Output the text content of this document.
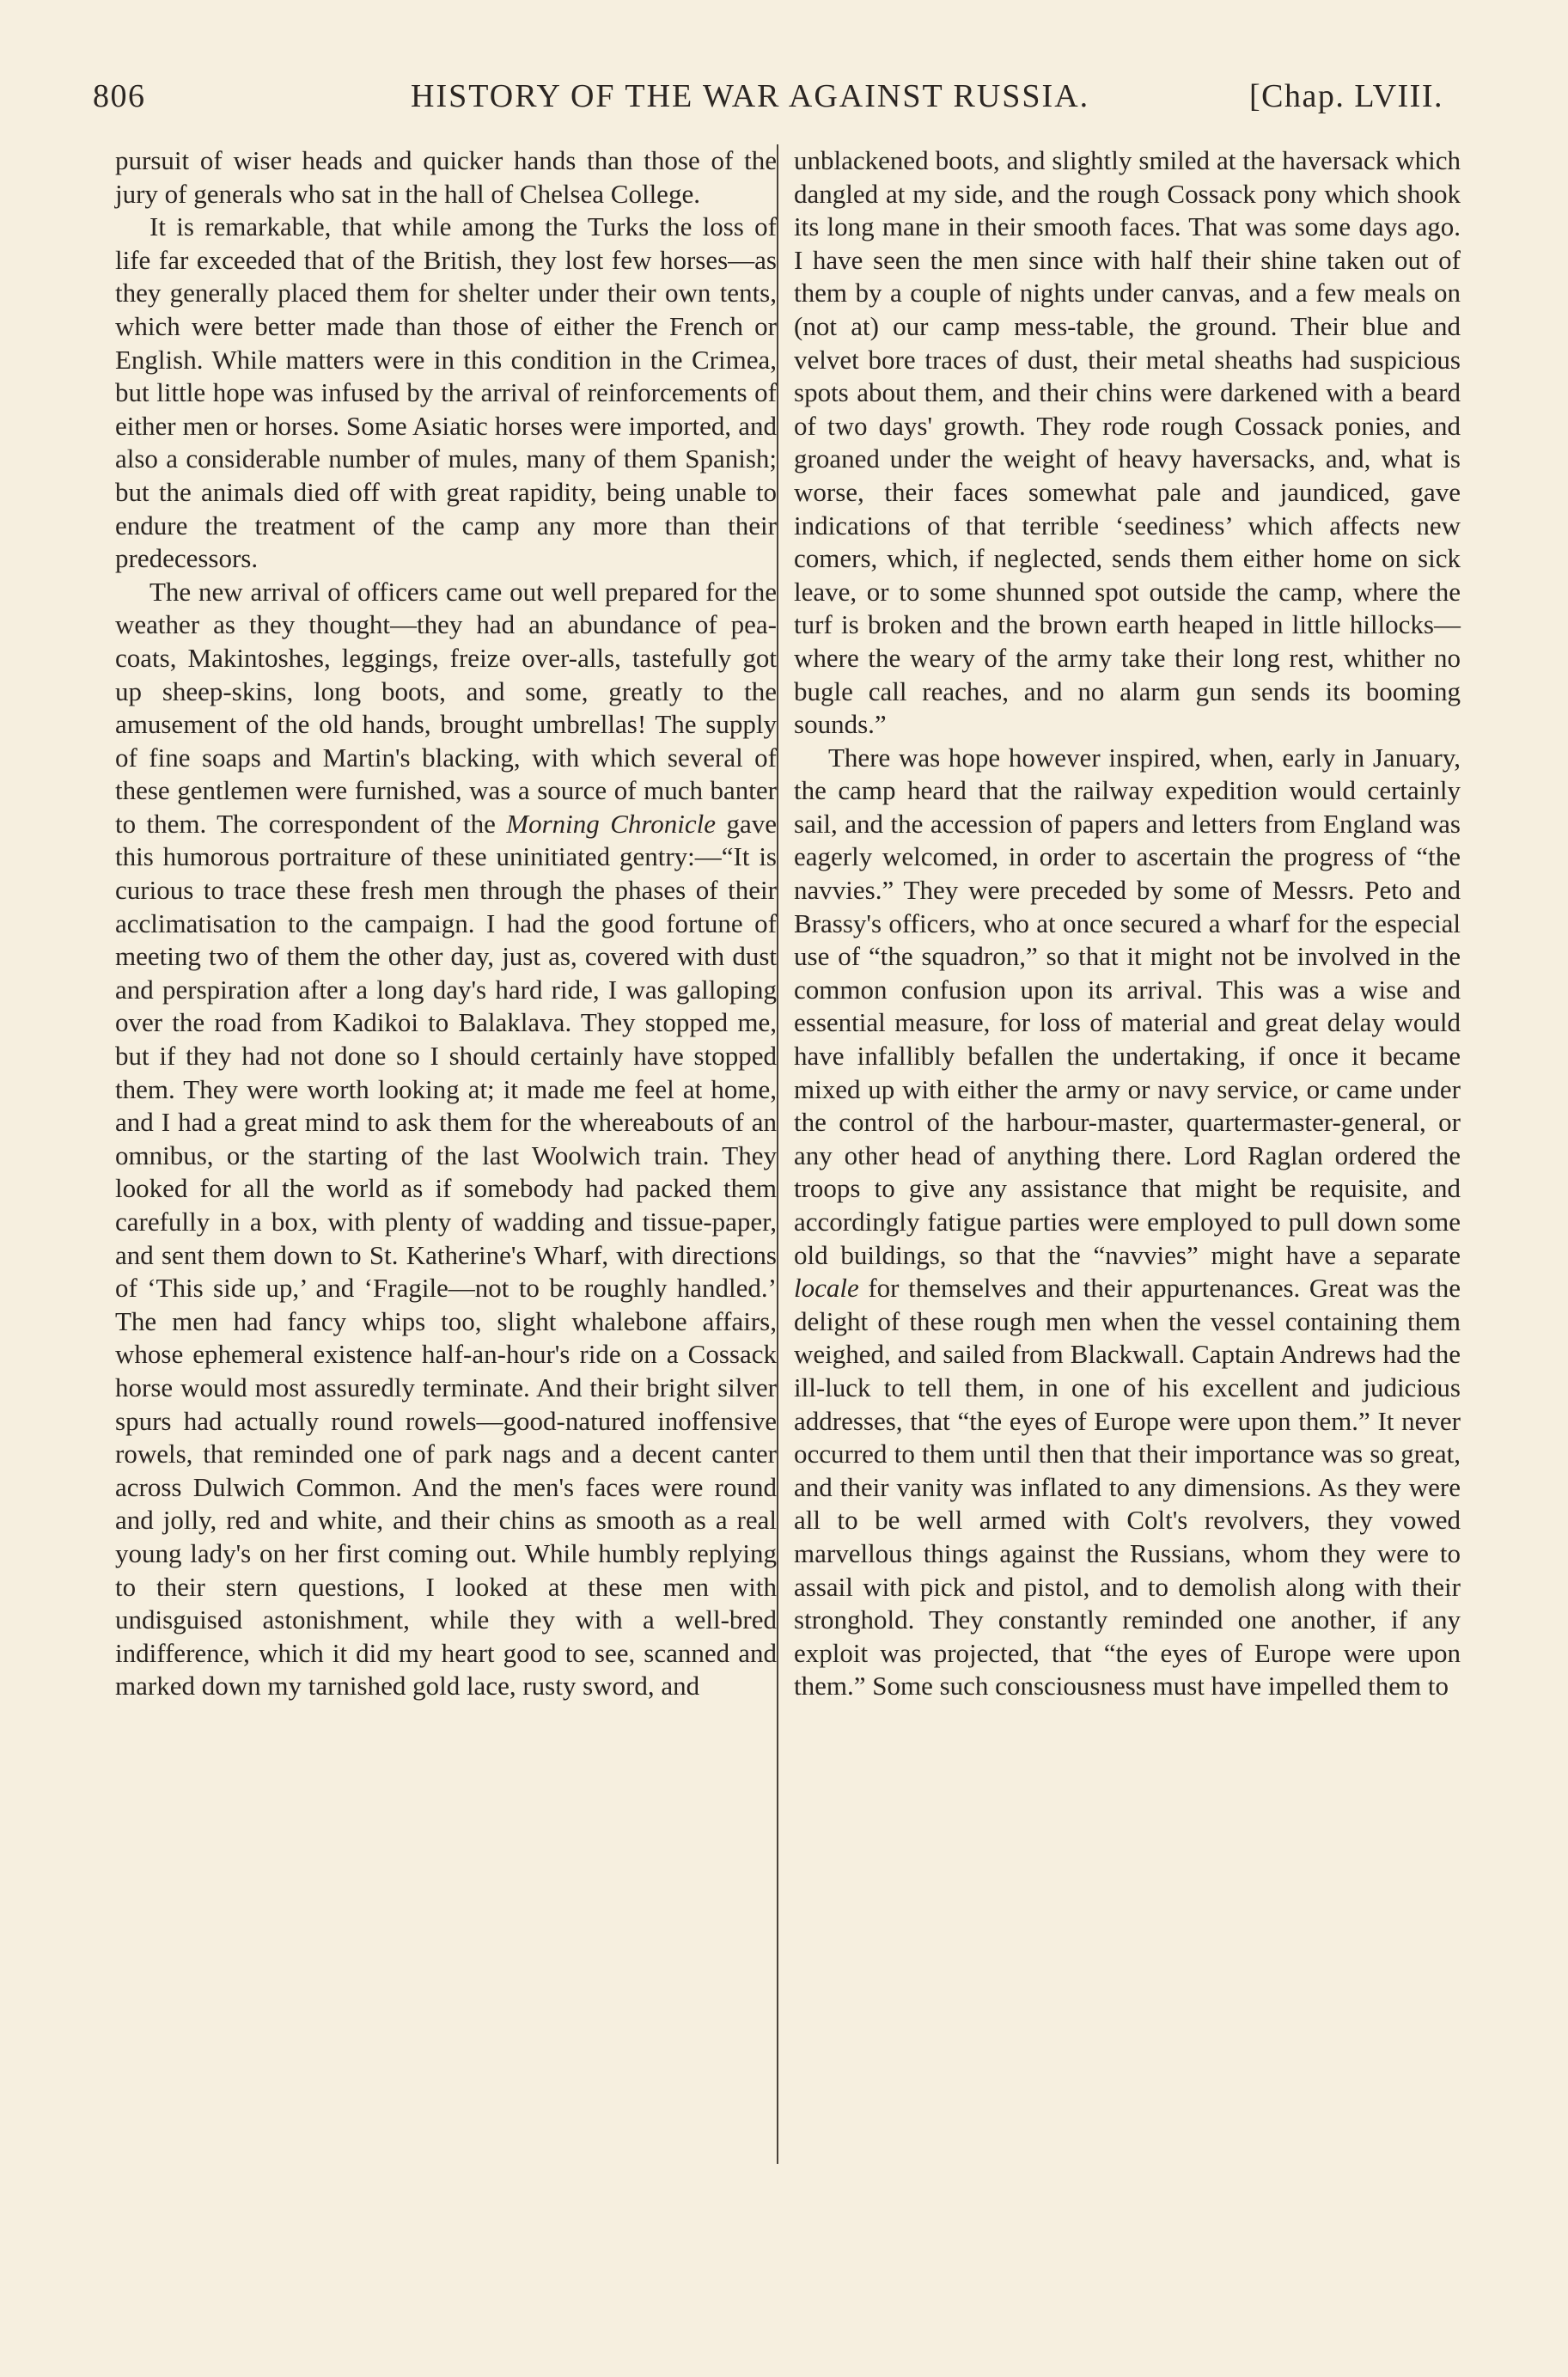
806	HISTORY OF THE WAR AGAINST RUSSIA.	[Chap. LVIII.

pursuit of wiser heads and quicker hands than those of the jury of generals who sat in the hall of Chelsea College.

It is remarkable, that while among the Turks the loss of life far exceeded that of the British, they lost few horses—as they generally placed them for shelter under their own tents, which were better made than those of either the French or English. While matters were in this condition in the Crimea, but little hope was infused by the arrival of reinforcements of either men or horses. Some Asiatic horses were imported, and also a considerable number of mules, many of them Spanish; but the animals died off with great rapidity, being unable to endure the treatment of the camp any more than their predecessors.

The new arrival of officers came out well prepared for the weather as they thought—they had an abundance of pea-coats, Makintoshes, leggings, freize over-alls, tastefully got up sheep-skins, long boots, and some, greatly to the amusement of the old hands, brought umbrellas! The supply of fine soaps and Martin's blacking, with which several of these gentlemen were furnished, was a source of much banter to them. The correspondent of the Morning Chronicle gave this humorous portraiture of these uninitiated gentry:—“It is curious to trace these fresh men through the phases of their acclimatisation to the campaign. I had the good fortune of meeting two of them the other day, just as, covered with dust and perspiration after a long day's hard ride, I was galloping over the road from Kadikoi to Balaklava. They stopped me, but if they had not done so I should certainly have stopped them. They were worth looking at; it made me feel at home, and I had a great mind to ask them for the whereabouts of an omnibus, or the starting of the last Woolwich train. They looked for all the world as if somebody had packed them carefully in a box, with plenty of wadding and tissue-paper, and sent them down to St. Katherine's Wharf, with directions of ‘This side up,’ and ‘Fragile—not to be roughly handled.’ The men had fancy whips too, slight whalebone affairs, whose ephemeral existence half-an-hour's ride on a Cossack horse would most assuredly terminate. And their bright silver spurs had actually round rowels—good-natured inoffensive rowels, that reminded one of park nags and a decent canter across Dulwich Common. And the men's faces were round and jolly, red and white, and their chins as smooth as a real young lady's on her first coming out. While humbly replying to their stern questions, I looked at these men with undisguised astonishment, while they with a well-bred indifference, which it did my heart good to see, scanned and marked down my tarnished gold lace, rusty sword, and

unblackened boots, and slightly smiled at the haversack which dangled at my side, and the rough Cossack pony which shook its long mane in their smooth faces. That was some days ago. I have seen the men since with half their shine taken out of them by a couple of nights under canvas, and a few meals on (not at) our camp mess-table, the ground. Their blue and velvet bore traces of dust, their metal sheaths had suspicious spots about them, and their chins were darkened with a beard of two days' growth. They rode rough Cossack ponies, and groaned under the weight of heavy haversacks, and, what is worse, their faces somewhat pale and jaundiced, gave indications of that terrible ‘seediness’ which affects new comers, which, if neglected, sends them either home on sick leave, or to some shunned spot outside the camp, where the turf is broken and the brown earth heaped in little hillocks—where the weary of the army take their long rest, whither no bugle call reaches, and no alarm gun sends its booming sounds.”

There was hope however inspired, when, early in January, the camp heard that the railway expedition would certainly sail, and the accession of papers and letters from England was eagerly welcomed, in order to ascertain the progress of “the navvies.” They were preceded by some of Messrs. Peto and Brassy's officers, who at once secured a wharf for the especial use of “the squadron,” so that it might not be involved in the common confusion upon its arrival. This was a wise and essential measure, for loss of material and great delay would have infallibly befallen the undertaking, if once it became mixed up with either the army or navy service, or came under the control of the harbour-master, quartermaster-general, or any other head of anything there. Lord Raglan ordered the troops to give any assistance that might be requisite, and accordingly fatigue parties were employed to pull down some old buildings, so that the “navvies” might have a separate locale for themselves and their appurtenances. Great was the delight of these rough men when the vessel containing them weighed, and sailed from Blackwall. Captain Andrews had the ill-luck to tell them, in one of his excellent and judicious addresses, that “the eyes of Europe were upon them.” It never occurred to them until then that their importance was so great, and their vanity was inflated to any dimensions. As they were all to be well armed with Colt's revolvers, they vowed marvellous things against the Russians, whom they were to assail with pick and pistol, and to demolish along with their stronghold. They constantly reminded one another, if any exploit was projected, that “the eyes of Europe were upon them.” Some such consciousness must have impelled them to
